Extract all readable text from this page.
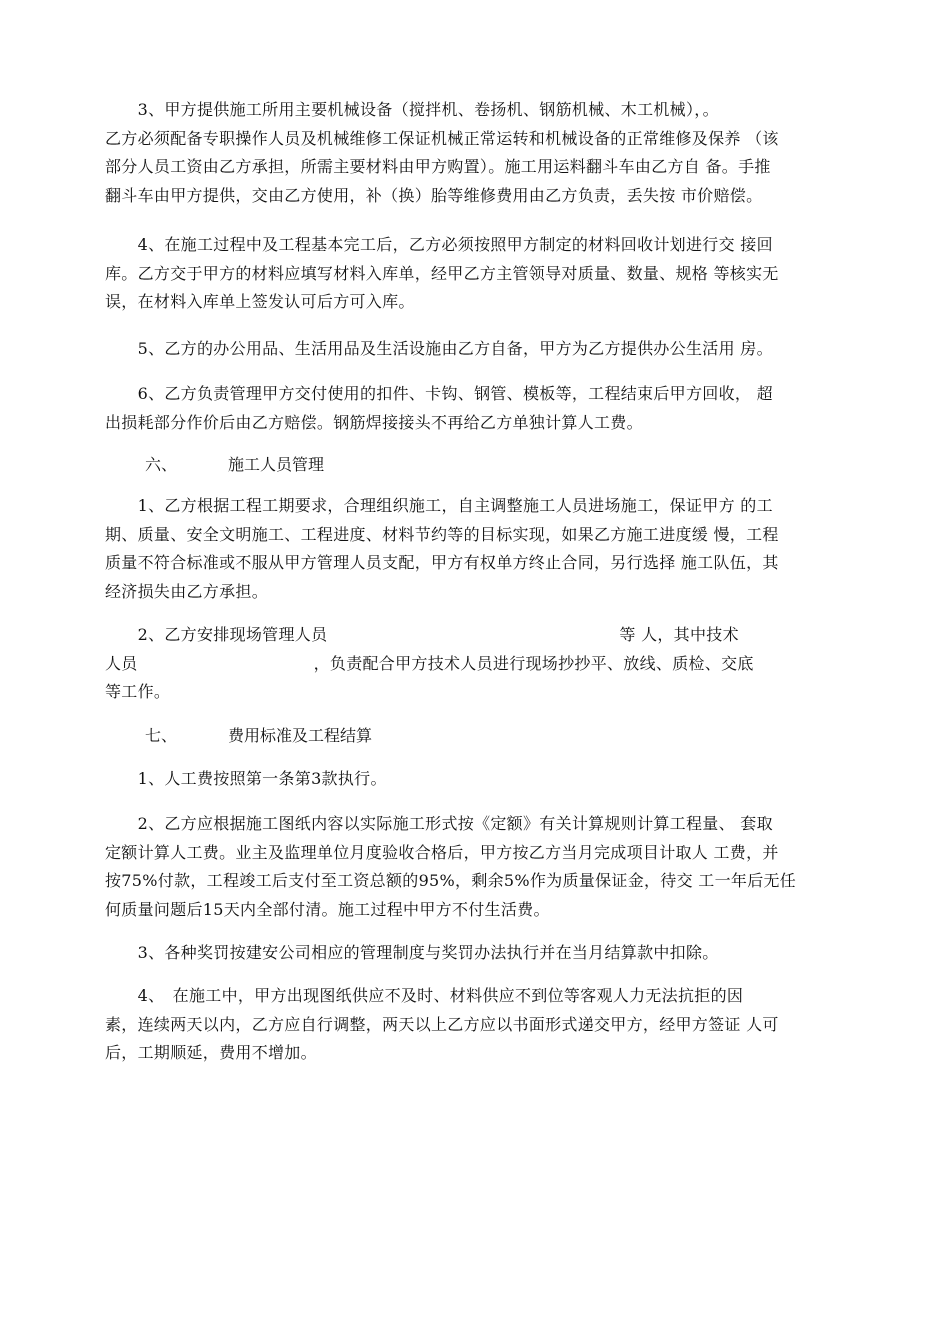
　　3、甲方提供施工所用主要机械设备（搅拌机、卷扬机、钢筋机械、木工机械），。
乙方必须配备专职操作人员及机械维修工保证机械正常运转和机械设备的正常维修及保养 （该
部分人员工资由乙方承担，所需主要材料由甲方购置）。施工用运料翻斗车由乙方自 备。手推
翻斗车由甲方提供，交由乙方使用，补（换）胎等维修费用由乙方负责，丢失按 市价赔偿。
　　4、在施工过程中及工程基本完工后，乙方必须按照甲方制定的材料回收计划进行交 接回
库。乙方交于甲方的材料应填写材料入库单，经甲乙方主管领导对质量、数量、规格 等核实无
误，在材料入库单上签发认可后方可入库。
　　5、乙方的办公用品、生活用品及生活设施由乙方自备，甲方为乙方提供办公生活用 房。
　　6、乙方负责管理甲方交付使用的扣件、卡钩、钢管、模板等，工程结束后甲方回收， 超
出损耗部分作价后由乙方赔偿。钢筋焊接接头不再给乙方单独计算人工费。
六、	施工人员管理
　　1、乙方根据工程工期要求，合理组织施工，自主调整施工人员进场施工，保证甲方 的工
期、质量、安全文明施工、工程进度、材料节约等的目标实现，如果乙方施工进度缓 慢，工程
质量不符合标准或不服从甲方管理人员支配，甲方有权单方终止合同，另行选择 施工队伍，其
经济损失由乙方承担。
　　2、乙方安排现场管理人员	等 人，其中技术
人员	，负责配合甲方技术人员进行现场抄抄平、放线、质检、交底
等工作。
七、	费用标准及工程结算
　　1、人工费按照第一条第3款执行。
　　2、乙方应根据施工图纸内容以实际施工形式按《定额》有关计算规则计算工程量、 套取
定额计算人工费。业主及监理单位月度验收合格后，甲方按乙方当月完成项目计取人 工费，并
按75%付款，工程竣工后支付至工资总额的95%，剩余5%作为质量保证金，待交 工一年后无任
何质量问题后15天内全部付清。施工过程中甲方不付生活费。
　　3、各种奖罚按建安公司相应的管理制度与奖罚办法执行并在当月结算款中扣除。
　　4、　在施工中，甲方出现图纸供应不及时、材料供应不到位等客观人力无法抗拒的因
素，连续两天以内，乙方应自行调整，两天以上乙方应以书面形式递交甲方，经甲方签证 人可
后，工期顺延，费用不增加。
